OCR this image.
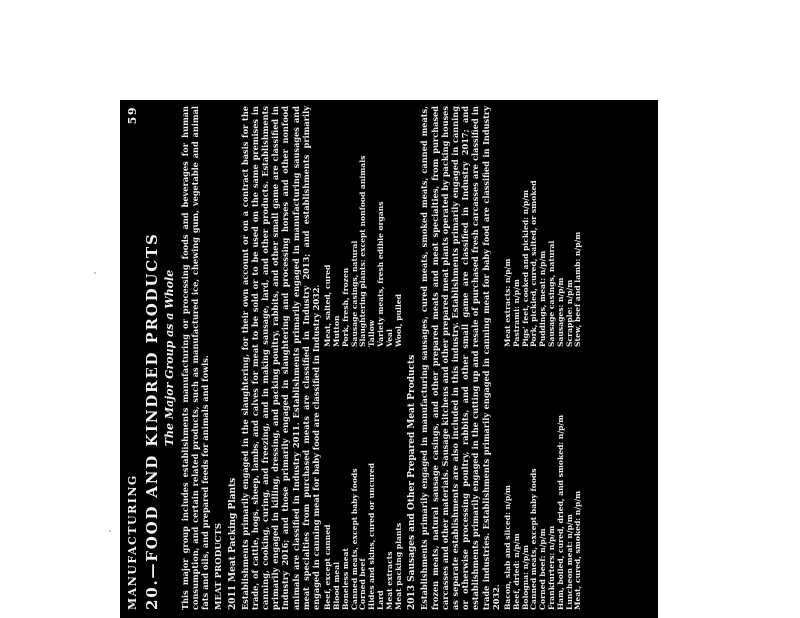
MANUFACTURING
59
20.—FOOD AND KINDRED PRODUCTS The Major Group as a Whole This major group includes establishments manufacturing or processing foods and beverages for human consumption, and certain related products, such as manufactured ice, chewing gum, vegetable and animal fats and oils, and prepared feeds for animals and fowls. MEAT PRODUCTS 2011 Meat Packing Plants Establishments primarily engaged in the slaughtering, for their own account or on a contract basis for the trade, of cattle, hogs, sheep, lambs, and calves for meat to be sold or to be used on the same premises in canning, cooking, curing, and freezing, and in making sausage, lard, and other products. Establishments primarily engaged in killing, dressing, and packing poultry, rabbits, and other small game are classified in Industry 2016; and those primarily engaged in slaughtering and processing horses and other nonfood animals are classified in Industry 2011. Establishments primarily engaged in manufacturing sausages and meat specialties from purchased meats are classified in Industry 2013; and establishments primarily engaged in canning meat for baby food are classified in Industry 2032. Beef, except canned Blood meal Boneless meat Canned meats, except baby foods Corned beef Hides and skins, cured or uncured Lard Meat extracts Meat packing plants
Meat, salted, cured Mutton Pork, fresh, frozen Sausage casings, natural Slaughtering plants: except nonfood animals Tallow Variety meats, fresh edible organs Veal Wool, pulled
2013 Sausages and Other Prepared Meat Products Establishments primarily engaged in manufacturing sausages, cured meats, smoked meats, canned meats, frozen meats, natural sausage casings, and other prepared meats and meat specialties, from purchased carcasses and other materials. Sausage kitchens and other prepared meat plants operated by packing houses as separate establishments are also included in this industry. Establishments primarily engaged in canning or otherwise processing poultry, rabbits, and other small game are classified in Industry 2017; and establishments primarily engaged in the cutting up and resale of purchased fresh carcasses are classified in trade industries. Establishments primarily engaged in canning meat for baby food are classified in Industry 2032. Bacon, slab and sliced: n/p/m Beef, dried: n/p/m Bologna: n/p/m Canned meats, except baby foods Corned beef: n/p/m Frankfurters: n/p/m Ham, boiled, cured, dried, and smoked: n/p/m Luncheon meat: n/p/m Meat, cured, smoked: n/p/m
Meat extracts: n/p/m Pastrami: n/p/m Pigs' feet, cooked and pickled: n/p/m Pork, pickled, cured, salted, or smoked Puddings, meat: n/p/m Sausage casings, natural Sausages: n/p/m Scrapple: n/p/m Stew, beef and lamb: n/p/m
